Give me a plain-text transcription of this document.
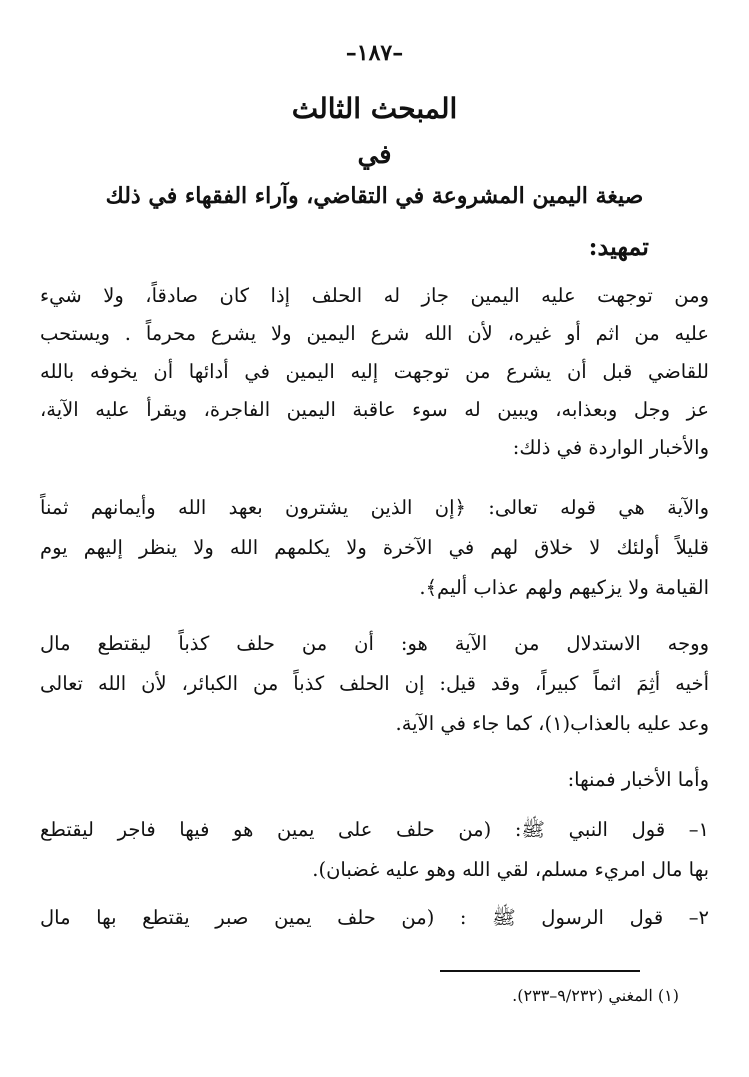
–١٨٧–
المبحث الثالث
في
صيغة اليمين المشروعة في التقاضي، وآراء الفقهاء في ذلك
تمهيد:
ومن توجهت عليه اليمين جاز له الحلف إذا كان صادقاً، ولا شيء
عليه من اثم أو غيره، لأن الله شرع اليمين ولا يشرع محرماً . ويستحب
للقاضي قبل أن يشرع من توجهت إليه اليمين في أدائها أن يخوفه بالله
عز وجل وبعذابه، ويبين له سوء عاقبة اليمين الفاجرة، ويقرأ عليه الآية،
والأخبار الواردة في ذلك:
والآية هي قوله تعالى: ﴿إن الذين يشترون بعهد الله وأيمانهم ثمناً
قليلاً أولئك لا خلاق لهم في الآخرة ولا يكلمهم الله ولا ينظر إليهم يوم
القيامة ولا يزكيهم ولهم عذاب أليم﴾.
ووجه الاستدلال من الآية هو: أن من حلف كذباً ليقتطع مال
أخيه أثِمَ اثماً كبيراً، وقد قيل: إن الحلف كذباً من الكبائر، لأن الله تعالى
وعد عليه بالعذاب(١)، كما جاء في الآية.
وأما الأخبار فمنها:
١– قول النبي ﷺ: (من حلف على يمين هو فيها فاجر ليقتطع
بها مال امريء مسلم، لقي الله وهو عليه غضبان).
٢– قول الرسول ﷺ : (من حلف يمين صبر يقتطع بها مال
(١) المغني (٩/٢٣٢–٢٣٣).
